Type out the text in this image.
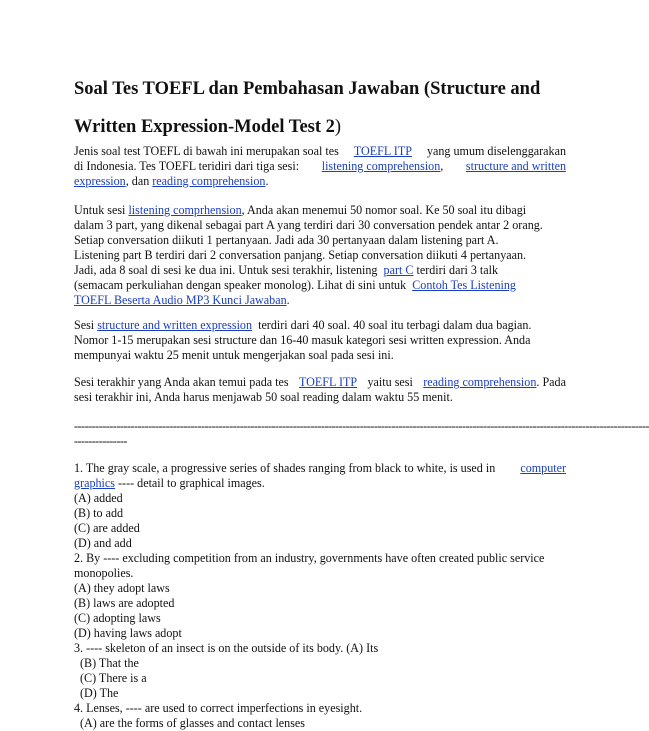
Soal Tes TOEFL dan Pembahasan Jawaban (Structure and
Written Expression-Model Test 2)
Jenis soal test TOEFL di bawah ini merupakan soal tes TOEFL ITP yang umum diselenggarakan
di Indonesia. Tes TOEFL teridiri dari tiga sesi: listening comprehension, structure and written
expression, dan reading comprehension.
Untuk sesi listening comprhension, Anda akan menemui 50 nomor soal. Ke 50 soal itu dibagi
dalam 3 part, yang dikenal sebagai part A yang terdiri dari 30 conversation pendek antar 2 orang.
Setiap conversation diikuti 1 pertanyaan. Jadi ada 30 pertanyaan dalam listening part A.
Listening part B terdiri dari 2 conversation panjang. Setiap conversation diikuti 4 pertanyaan.
Jadi, ada 8 soal di sesi ke dua ini. Untuk sesi terakhir, listening part C terdiri dari 3 talk
(semacam perkuliahan dengan speaker monolog). Lihat di sini untuk Contoh Tes Listening
TOEFL Beserta Audio MP3 Kunci Jawaban.
Sesi structure and written expression terdiri dari 40 soal. 40 soal itu terbagi dalam dua bagian.
Nomor 1-15 merupakan sesi structure dan 16-40 masuk kategori sesi written expression. Anda
mempunyai waktu 25 menit untuk mengerjakan soal pada sesi ini.
Sesi terakhir yang Anda akan temui pada tes TOEFL ITP yaitu sesi reading comprehension. Pada
sesi terakhir ini, Anda harus menjawab 50 soal reading dalam waktu 55 menit.
-------------------------------------------------------------------------------------------------------------------------------------------------------------------
---------------
1. The gray scale, a progressive series of shades ranging from black to white, is used in computer
graphics ---- detail to graphical images.
(A) added
(B) to add
(C) are added
(D) and add
2. By ---- excluding competition from an industry, governments have often created public service
monopolies.
(A) they adopt laws
(B) laws are adopted
(C) adopting laws
(D) having laws adopt
3. ---- skeleton of an insect is on the outside of its body. (A) Its
(B) That the
(C) There is a
(D) The
4. Lenses, ---- are used to correct imperfections in eyesight.
(A) are the forms of glasses and contact lenses
